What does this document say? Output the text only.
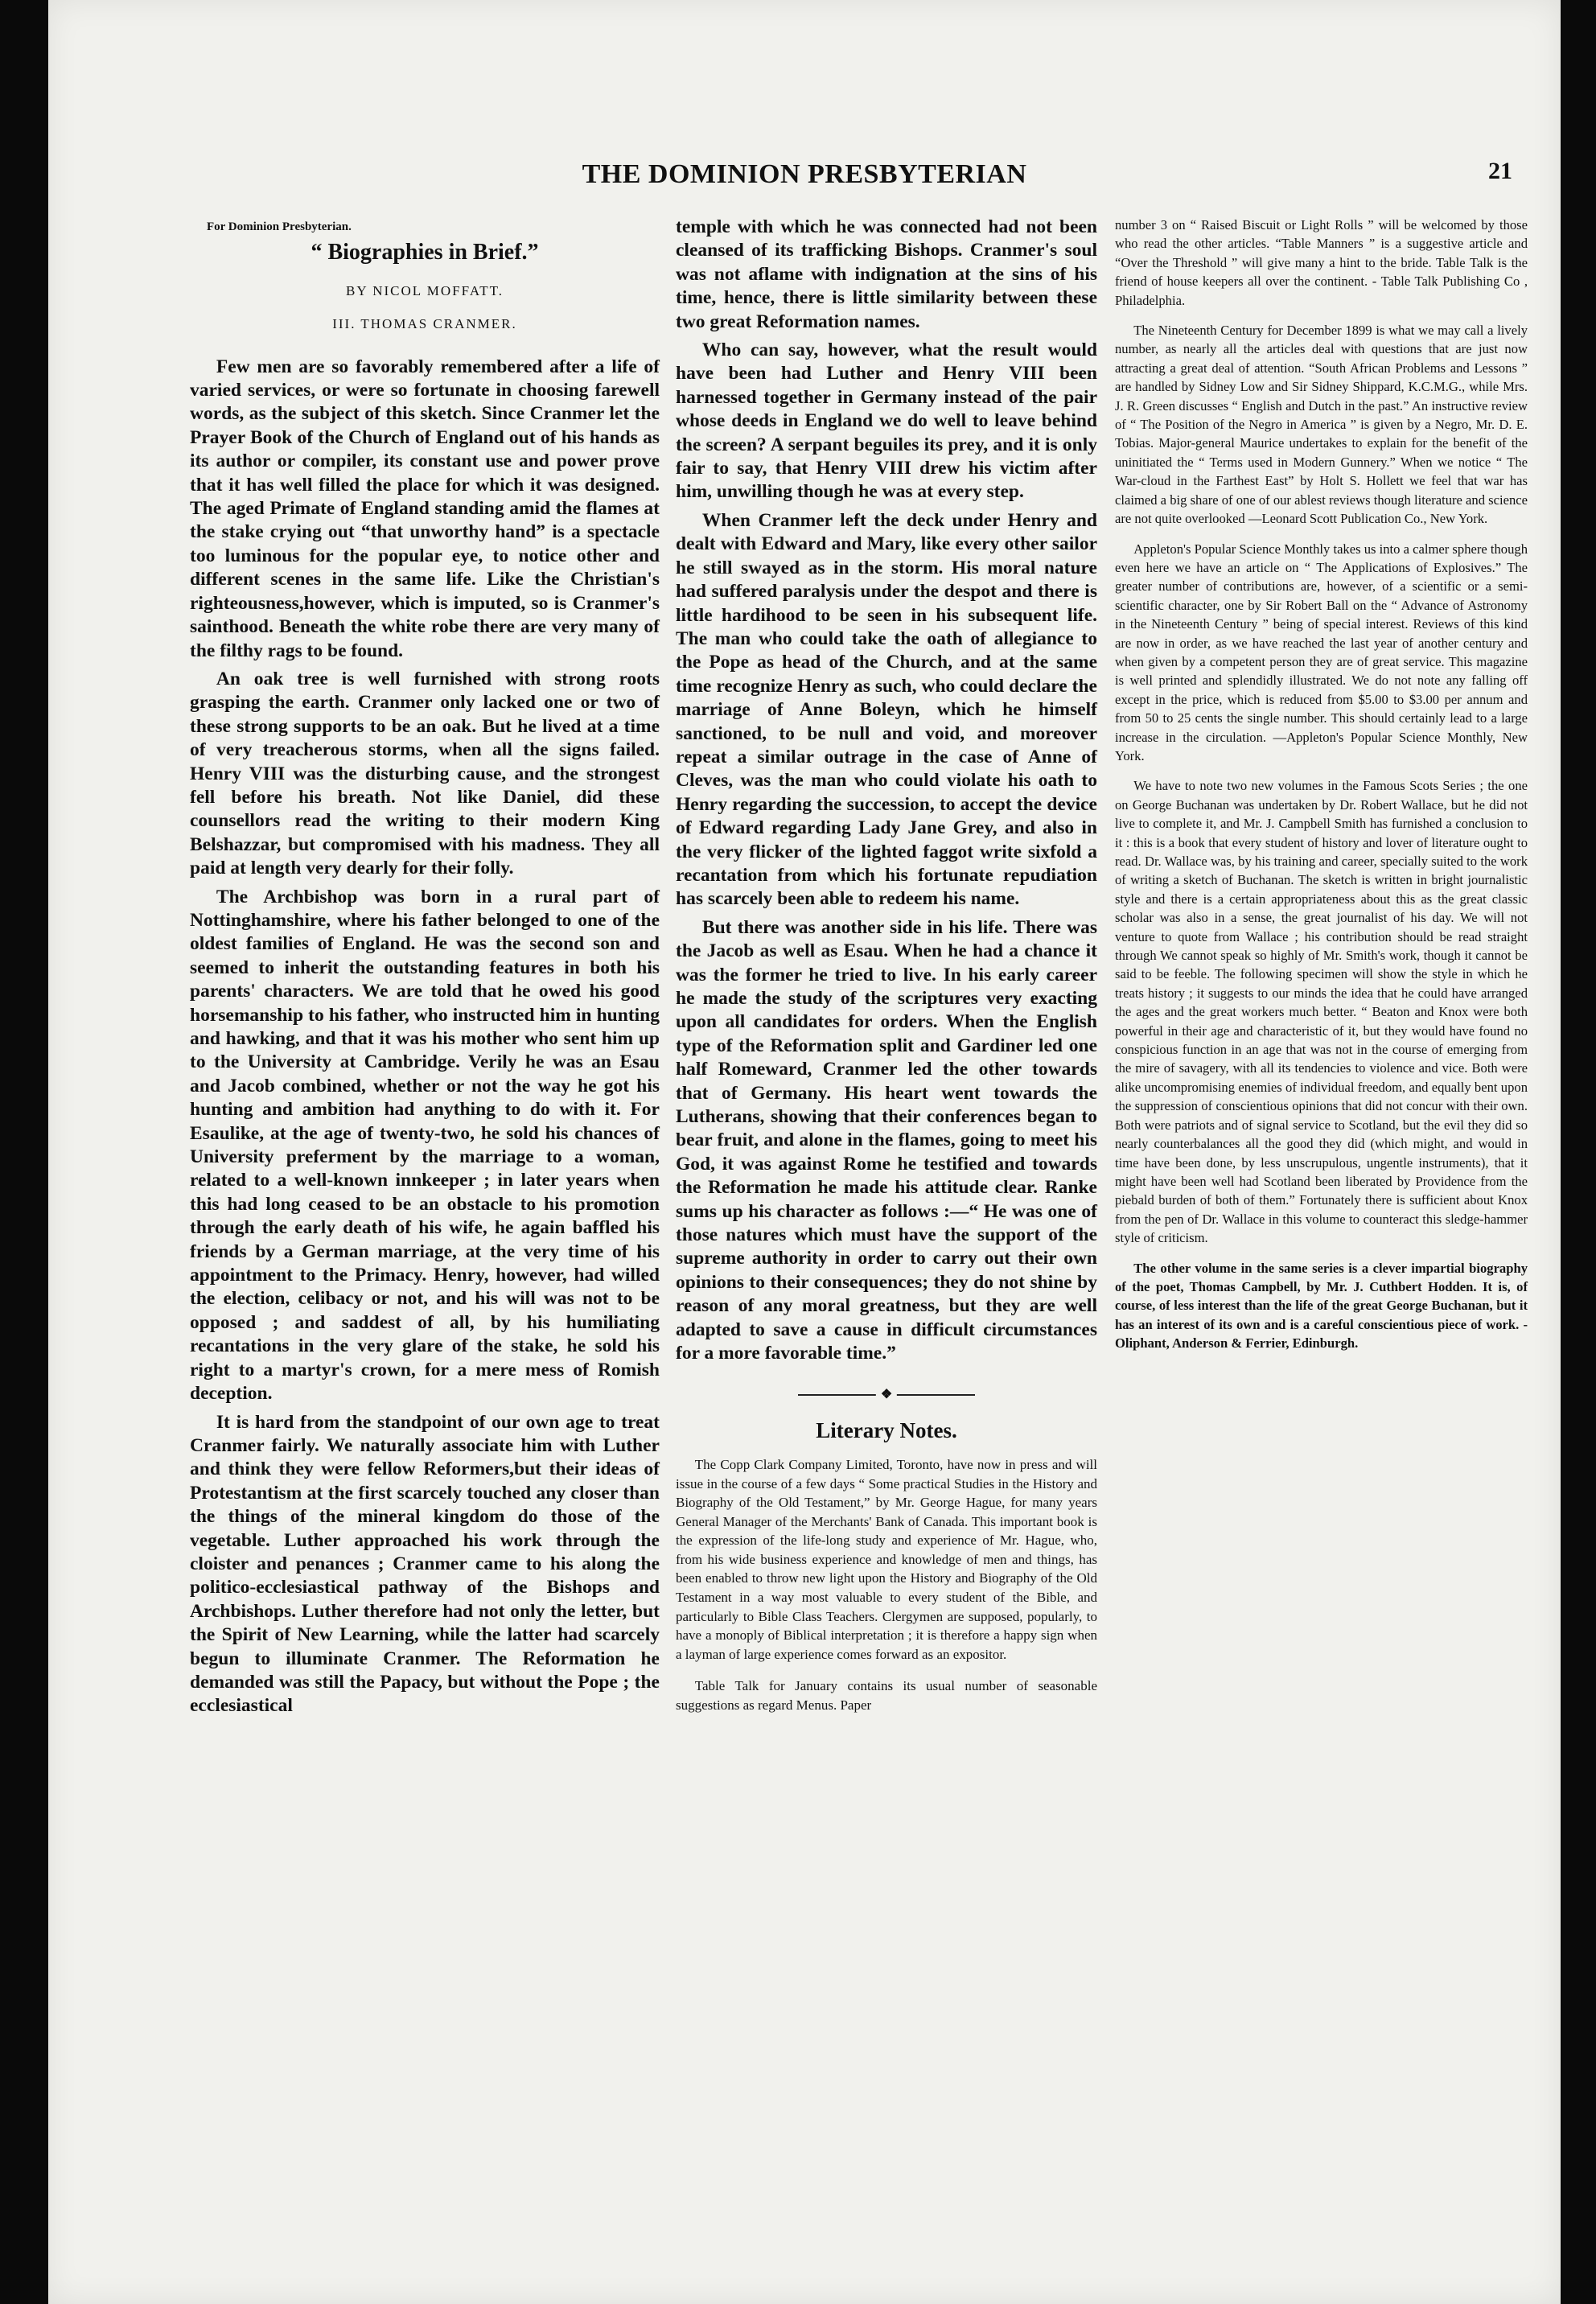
THE DOMINION PRESBYTERIAN	21

For Dominion Presbyterian.

“ Biographies in Brief.”
BY NICOL MOFFATT.
III. THOMAS CRANMER.

Few men are so favorably remembered after a life of varied services, or were so fortunate in choosing farewell words, as the subject of this sketch. Since Cranmer let the Prayer Book of the Church of England out of his hands as its author or compiler, its constant use and power prove that it has well filled the place for which it was designed. The aged Primate of England standing amid the flames at the stake crying out “that unworthy hand” is a spectacle too luminous for the popular eye, to notice other and different scenes in the same life. Like the Christian's righteousness,however, which is imputed, so is Cranmer's sainthood. Beneath the white robe there are very many of the filthy rags to be found.

An oak tree is well furnished with strong roots grasping the earth. Cranmer only lacked one or two of these strong supports to be an oak. But he lived at a time of very treacherous storms, when all the signs failed. Henry VIII was the disturbing cause, and the strongest fell before his breath. Not like Daniel, did these counsellors read the writing to their modern King Belshazzar, but compromised with his madness. They all paid at length very dearly for their folly.

The Archbishop was born in a rural part of Nottinghamshire, where his father belonged to one of the oldest families of England. He was the second son and seemed to inherit the outstanding features in both his parents' characters. We are told that he owed his good horsemanship to his father, who instructed him in hunting and hawking, and that it was his mother who sent him up to the University at Cambridge. Verily he was an Esau and Jacob combined, whether or not the way he got his hunting and ambition had anything to do with it. For Esaulike, at the age of twenty-two, he sold his chances of University preferment by the marriage to a woman, related to a well-known innkeeper ; in later years when this had long ceased to be an obstacle to his promotion through the early death of his wife, he again baffled his friends by a German marriage, at the very time of his appointment to the Primacy. Henry, however, had willed the election, celibacy or not, and his will was not to be opposed ; and saddest of all, by his humiliating recantations in the very glare of the stake, he sold his right to a martyr's crown, for a mere mess of Romish deception.

It is hard from the standpoint of our own age to treat Cranmer fairly. We naturally associate him with Luther and think they were fellow Reformers,but their ideas of Protestantism at the first scarcely touched any closer than the things of the mineral kingdom do those of the vegetable. Luther approached his work through the cloister and penances ; Cranmer came to his along the politico-ecclesiastical pathway of the Bishops and Archbishops. Luther therefore had not only the letter, but the Spirit of New Learning, while the latter had scarcely begun to illuminate Cranmer. The Reformation he demanded was still the Papacy, but without the Pope ; the ecclesiastical

temple with which he was connected had not been cleansed of its trafficking Bishops. Cranmer's soul was not aflame with indignation at the sins of his time, hence, there is little similarity between these two great Reformation names.

Who can say, however, what the result would have been had Luther and Henry VIII been harnessed together in Germany instead of the pair whose deeds in England we do well to leave behind the screen? A serpant beguiles its prey, and it is only fair to say, that Henry VIII drew his victim after him, unwilling though he was at every step.

When Cranmer left the deck under Henry and dealt with Edward and Mary, like every other sailor he still swayed as in the storm. His moral nature had suffered paralysis under the despot and there is little hardihood to be seen in his subsequent life. The man who could take the oath of allegiance to the Pope as head of the Church, and at the same time recognize Henry as such, who could declare the marriage of Anne Boleyn, which he himself sanctioned, to be null and void, and moreover repeat a similar outrage in the case of Anne of Cleves, was the man who could violate his oath to Henry regarding the succession, to accept the device of Edward regarding Lady Jane Grey, and also in the very flicker of the lighted faggot write sixfold a recantation from which his fortunate repudiation has scarcely been able to redeem his name.

But there was another side in his life. There was the Jacob as well as Esau. When he had a chance it was the former he tried to live. In his early career he made the study of the scriptures very exacting upon all candidates for orders. When the English type of the Reformation split and Gardiner led one half Romeward, Cranmer led the other towards that of Germany. His heart went towards the Lutherans, showing that their conferences began to bear fruit, and alone in the flames, going to meet his God, it was against Rome he testified and towards the Reformation he made his attitude clear. Ranke sums up his character as follows :—“ He was one of those natures which must have the support of the supreme authority in order to carry out their own opinions to their consequences; they do not shine by reason of any moral greatness, but they are well adapted to save a cause in difficult circumstances for a more favorable time.”

❖
Literary Notes.

The Copp Clark Company Limited, Toronto, have now in press and will issue in the course of a few days “ Some practical Studies in the History and Biography of the Old Testament,” by Mr. George Hague, for many years General Manager of the Merchants' Bank of Canada. This important book is the expression of the life-long study and experience of Mr. Hague, who, from his wide business experience and knowledge of men and things, has been enabled to throw new light upon the History and Biography of the Old Testament in a way most valuable to every student of the Bible, and particularly to Bible Class Teachers. Clergymen are supposed, popularly, to have a monoply of Biblical interpretation ; it is therefore a happy sign when a layman of large experience comes forward as an expositor.

Table Talk for January contains its usual number of seasonable suggestions as regard Menus. Paper

number 3 on “ Raised Biscuit or Light Rolls ” will be welcomed by those who read the other articles. “Table Manners ” is a suggestive article and “Over the Threshold ” will give many a hint to the bride. Table Talk is the friend of house keepers all over the continent. - Table Talk Publishing Co , Philadelphia.

The Nineteenth Century for December 1899 is what we may call a lively number, as nearly all the articles deal with questions that are just now attracting a great deal of attention. “South African Problems and Lessons ” are handled by Sidney Low and Sir Sidney Shippard, K.C.M.G., while Mrs. J. R. Green discusses “ English and Dutch in the past.” An instructive review of “ The Position of the Negro in America ” is given by a Negro, Mr. D. E. Tobias. Major-general Maurice undertakes to explain for the benefit of the uninitiated the “ Terms used in Modern Gunnery.” When we notice “ The War-cloud in the Farthest East” by Holt S. Hollett we feel that war has claimed a big share of one of our ablest reviews though literature and science are not quite overlooked —Leonard Scott Publication Co., New York.

Appleton's Popular Science Monthly takes us into a calmer sphere though even here we have an article on “ The Applications of Explosives.” The greater number of contributions are, however, of a scientific or a semi-scientific character, one by Sir Robert Ball on the “ Advance of Astronomy in the Nineteenth Century ” being of special interest. Reviews of this kind are now in order, as we have reached the last year of another century and when given by a competent person they are of great service. This magazine is well printed and splendidly illustrated. We do not note any falling off except in the price, which is reduced from $5.00 to $3.00 per annum and from 50 to 25 cents the single number. This should certainly lead to a large increase in the circulation. —Appleton's Popular Science Monthly, New York.

We have to note two new volumes in the Famous Scots Series ; the one on George Buchanan was undertaken by Dr. Robert Wallace, but he did not live to complete it, and Mr. J. Campbell Smith has furnished a conclusion to it : this is a book that every student of history and lover of literature ought to read. Dr. Wallace was, by his training and career, specially suited to the work of writing a sketch of Buchanan. The sketch is written in bright journalistic style and there is a certain appropriateness about this as the great classic scholar was also in a sense, the great journalist of his day. We will not venture to quote from Wallace ; his contribution should be read straight through We cannot speak so highly of Mr. Smith's work, though it cannot be said to be feeble. The following specimen will show the style in which he treats history ; it suggests to our minds the idea that he could have arranged the ages and the great workers much better. “ Beaton and Knox were both powerful in their age and characteristic of it, but they would have found no conspicious function in an age that was not in the course of emerging from the mire of savagery, with all its tendencies to violence and vice. Both were alike uncompromising enemies of individual freedom, and equally bent upon the suppression of conscientious opinions that did not concur with their own. Both were patriots and of signal service to Scotland, but the evil they did so nearly counterbalances all the good they did (which might, and would in time have been done, by less unscrupulous, ungentle instruments), that it might have been well had Scotland been liberated by Providence from the piebald burden of both of them.” Fortunately there is sufficient about Knox from the pen of Dr. Wallace in this volume to counteract this sledge-hammer style of criticism.

The other volume in the same series is a clever impartial biography of the poet, Thomas Campbell, by Mr. J. Cuthbert Hodden. It is, of course, of less interest than the life of the great George Buchanan, but it has an interest of its own and is a careful conscientious piece of work. - Oliphant, Anderson & Ferrier, Edinburgh.
